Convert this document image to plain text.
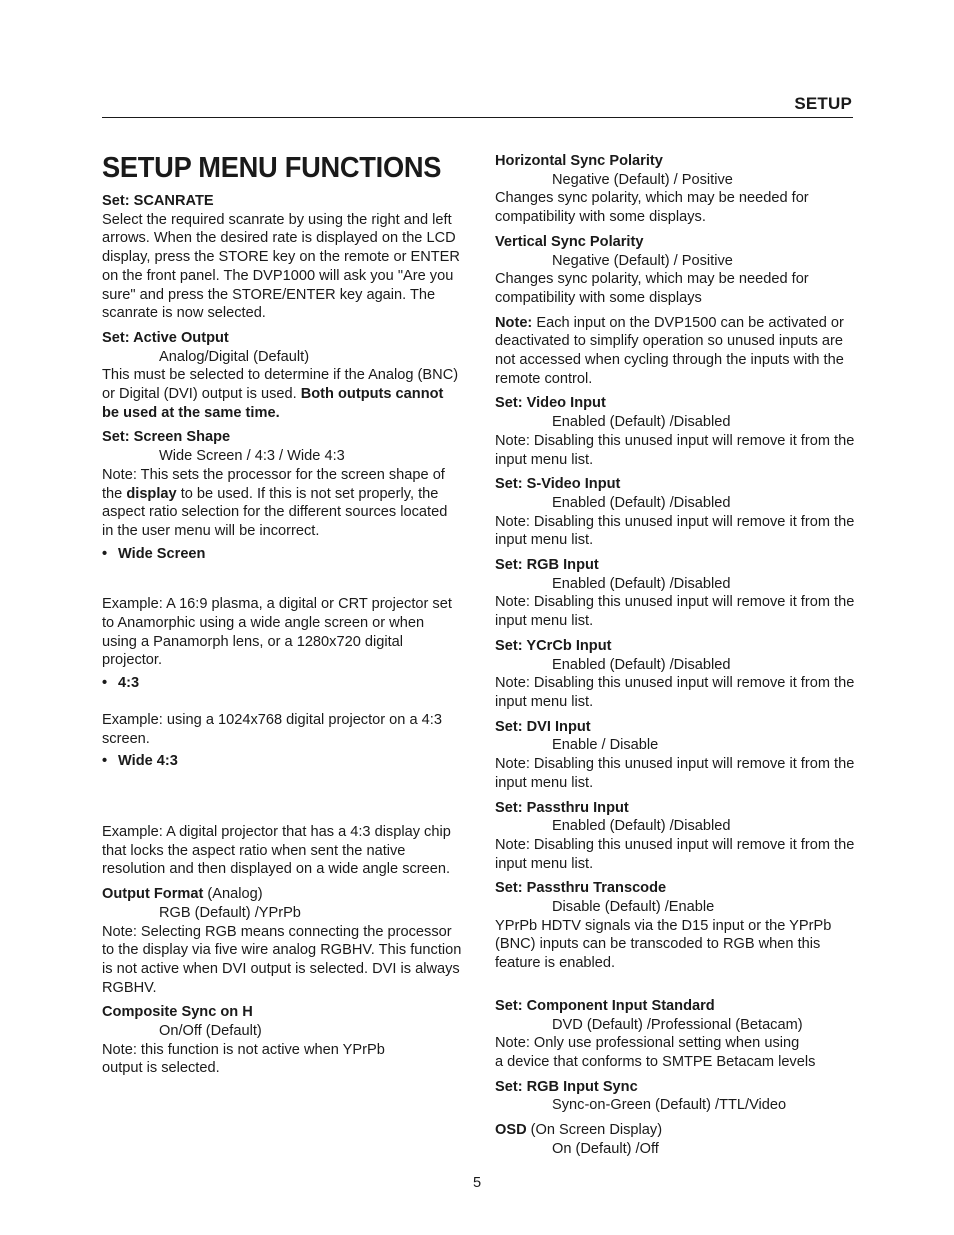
SETUP
SETUP MENU FUNCTIONS
Set: SCANRATE

Select the required scanrate by using the right and left arrows. When the desired rate is displayed on the LCD display, press the STORE key on the remote or ENTER on the front panel. The DVP1000 will ask you "Are you sure" and press the STORE/ENTER key again. The scanrate is now selected.

Set: Active Output
Analog/Digital (Default)

This must be selected to determine if the Analog (BNC) or Digital (DVI) output is used. Both outputs cannot be used at the same time.

Set: Screen Shape
Wide Screen / 4:3 / Wide 4:3

Note: This sets the processor for the screen shape of the display to be used. If this is not set properly, the aspect ratio selection for the different sources located in the user menu will be incorrect.

• Wide Screen

Example: A 16:9 plasma, a digital or CRT projector set to Anamorphic using a wide angle screen or when using a Panamorph lens, or a 1280x720 digital projector.

• 4:3

Example: using a 1024x768 digital projector on a 4:3 screen.

• Wide 4:3

Example: A digital projector that has a 4:3 display chip that locks the aspect ratio when sent the native resolution and then displayed on a wide angle screen.

Output Format (Analog)
RGB (Default) /YPrPb

Note: Selecting RGB means connecting the processor to the display via five wire analog RGBHV. This function is not active when DVI output is selected. DVI is always RGBHV.

Composite Sync on H
On/Off (Default)

Note: this function is not active when YPrPb

output is selected.

Horizontal Sync Polarity
Negative (Default) / Positive

Changes sync polarity, which may be needed for compatibility with some displays.

Vertical Sync Polarity
Negative (Default) / Positive

Changes sync polarity, which may be needed for compatibility with some displays

Note: Each input on the DVP1500 can be activated or deactivated to simplify operation so unused inputs are not accessed when cycling through the inputs with the remote control.

Set: Video Input
Enabled (Default) /Disabled

Note: Disabling this unused input will remove it from the input menu list.

Set: S-Video Input
Enabled (Default) /Disabled

Note: Disabling this unused input will remove it from the input menu list.

Set: RGB Input
Enabled (Default) /Disabled

Note: Disabling this unused input will remove it from the input menu list.

Set: YCrCb Input
Enabled (Default) /Disabled

Note: Disabling this unused input will remove it from the input menu list.

Set: DVI Input
Enable / Disable

Note: Disabling this unused input will remove it from the input menu list.

Set: Passthru Input
Enabled (Default) /Disabled

Note: Disabling this unused input will remove it from the input menu list.

Set: Passthru Transcode
Disable (Default) /Enable

YPrPb HDTV signals via the D15 input or the YPrPb (BNC) inputs can be transcoded to RGB when this feature is enabled.

Set: Component Input Standard
DVD (Default) /Professional (Betacam)

Note: Only use professional setting when using

a device that conforms to SMTPE Betacam levels

Set: RGB Input Sync
Sync-on-Green (Default) /TTL/Video
OSD (On Screen Display)
On (Default) /Off
5
